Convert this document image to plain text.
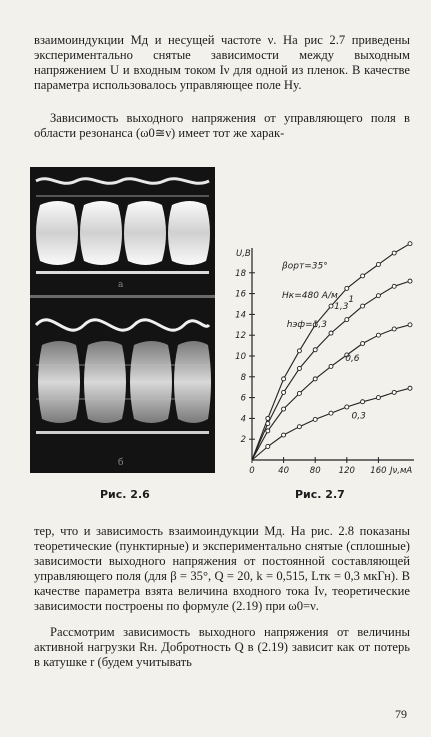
взаимоиндукции Mд и несущей частоте ν. На рис 2.7 приведены экспериментально снятые зависимости между выходным напряжением U и входным током Iν для одной из пленок. В качестве параметра использовалось управляющее поле Hy.

Зависимость выходного напряжения от управляющего поля в области резонанса (ω0≅ν) имеет тот же харак-

а
б
2
4
6
8
10
12
14
16
18
0	40 80 120 160
U,В
Jν,мА
1,3
1
0,6
0,3
βорт=35°
Hк=480 А/м
hэф=1,3
Рис. 2.6	Рис. 2.7

тер, что и зависимость взаимоиндукции Mд. На рис. 2.8 показаны теоретические (пунктирные) и экспериментально снятые (сплошные) зависимости выходного напряжения от постоянной составляющей управляющего поля (для β = 35°, Q = 20, k = 0,515, Lтк = 0,3 мкГн). В качестве параметра взята величина входного тока Iν, теоретические зависимости построены по формуле (2.19) при ω0=ν.

Рассмотрим зависимость выходного напряжения от величины активной нагрузки Rн. Добротность Q в (2.19) зависит как от потерь в катушке r (будем учитывать

79
